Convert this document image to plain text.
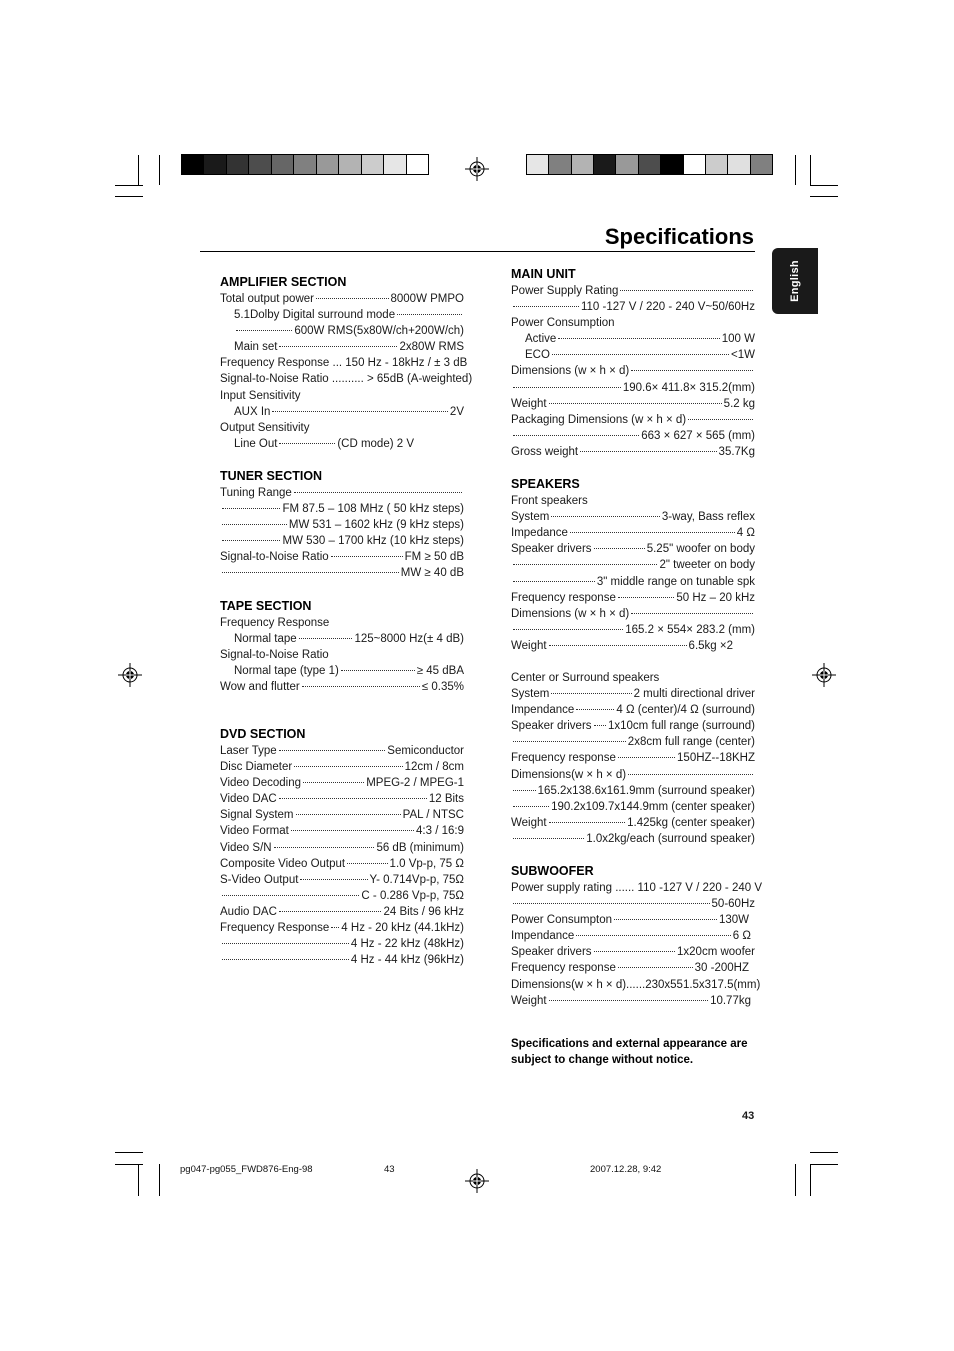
Specifications
English
AMPLIFIER SECTION
Total output power	8000W PMPO
5.1Dolby Digital surround mode
600W RMS(5x80W/ch+200W/ch)
Main set	2x80W RMS
Frequency Response ... 150 Hz - 18kHz / ± 3 dB
Signal-to-Noise Ratio .......... > 65dB (A-weighted)
Input Sensitivity
AUX In	2V
Output Sensitivity
Line Out	(CD mode) 2 V
TUNER SECTION
Tuning Range
FM 87.5 – 108 MHz ( 50 kHz steps)
MW 531 – 1602 kHz (9 kHz steps)
MW 530 – 1700 kHz (10 kHz steps)
Signal-to-Noise Ratio	FM ≥ 50 dB
MW ≥ 40 dB
TAPE SECTION
Frequency Response
Normal tape	125~8000 Hz(± 4 dB)
Signal-to-Noise Ratio
Normal tape (type 1)	≥ 45 dBA
Wow and flutter	≤ 0.35%
DVD SECTION
Laser Type	Semiconductor
Disc Diameter	12cm / 8cm
Video Decoding	MPEG-2 / MPEG-1
Video DAC	12 Bits
Signal System	PAL / NTSC
Video Format	4:3 / 16:9
Video S/N	56 dB (minimum)
Composite Video Output	1.0 Vp-p, 75 Ω
S-Video Output	Y- 0.714Vp-p, 75Ω
C - 0.286 Vp-p, 75Ω
Audio DAC	24 Bits / 96 kHz
Frequency Response 4 Hz - 20 kHz (44.1kHz)
4 Hz - 22 kHz (48kHz)
4 Hz - 44 kHz (96kHz)
MAIN UNIT
Power Supply Rating
110 -127 V / 220 - 240 V~50/60Hz
Power Consumption
Active	100 W
ECO	<1W
Dimensions (w × h × d)
190.6× 411.8× 315.2(mm)
Weight	5.2 kg
Packaging Dimensions (w × h × d)
663 × 627 × 565 (mm)
Gross weight	35.7Kg
SPEAKERS
Front speakers
System	3-way, Bass reflex
Impedance	4 Ω
Speaker drivers	5.25" woofer on body
2" tweeter on body
3" middle range on tunable spk
Frequency response	50 Hz – 20 kHz
Dimensions (w × h × d)
165.2 × 554× 283.2 (mm)
Weight	6.5kg ×2
Center or Surround speakers
System	2 multi directional driver
Impendance	4 Ω (center)/4 Ω (surround)
Speaker drivers 1x10cm full range (surround)
2x8cm full range (center)
Frequency response	150HZ--18KHZ
Dimensions(w × h × d)
165.2x138.6x161.9mm (surround speaker)
190.2x109.7x144.9mm (center speaker)
Weight	1.425kg (center speaker)
1.0x2kg/each (surround speaker)
SUBWOOFER
Power supply rating ...... 110 -127 V / 220 - 240 V
50-60Hz
Power Consumpton	130W
Impendance	6 Ω
Speaker drivers	1x20cm woofer
Frequency response	30 -200HZ
Dimensions(w × h × d)......230x551.5x317.5(mm)
Weight	10.77kg
Specifications and external appearance are subject to change without notice.
43
pg047-pg055_FWD876-Eng-98	43	2007.12.28, 9:42
